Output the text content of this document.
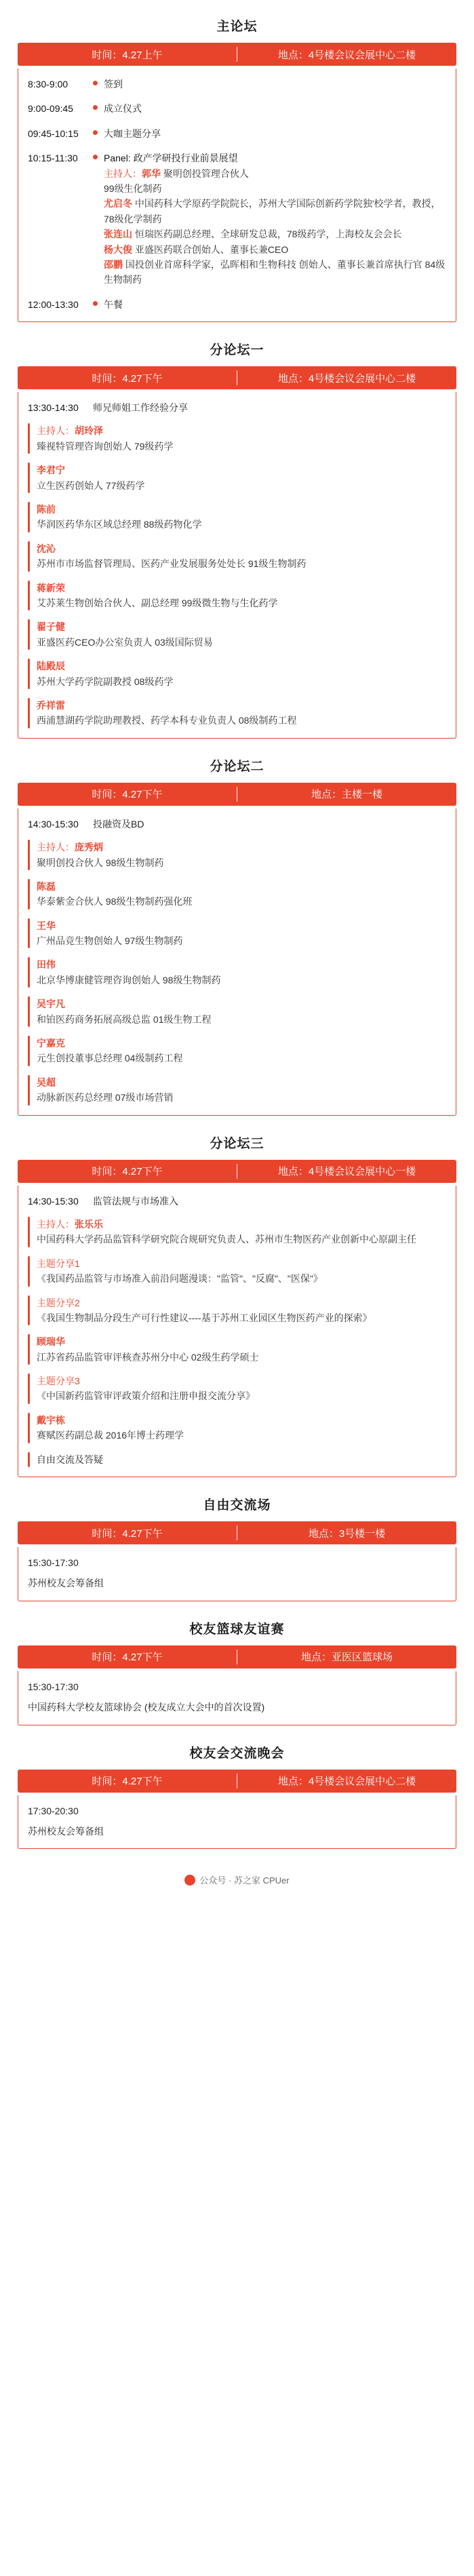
主论坛
时间：4.27上午	地点：4号楼会议会展中心二楼
8:30-9:00	签到
9:00-09:45	成立仪式
09:45-10:15	大咖主题分享
10:15-11:30	Panel: 政产学研投行业前景展望
主持人：郭华 聚明创投管理合伙人
99级生化制药
尤启冬 中国药科大学原药学院院长，苏州大学国际创新药学院独'校学者，教授，78级化学制药
张连山 恒瑞医药副总经理、全球研发总裁，78级药学，上海校友会会长
杨大俊 亚盛医药联合创始人、董事长兼CEO
邵鹏 国投创业首席科学家，弘晖相和生物科技 创始人、董事长兼首席执行官 84级生物制药
12:00-13:30	午餐
分论坛一
时间：4.27下午	地点：4号楼会议会展中心二楼
13:30-14:30	师兄师姐工作经验分享
主持人：胡玲泽
臻视特管理咨询创始人 79级药学
李君宁
立生医药创始人 77级药学
陈前
华润医药华东区域总经理 88级药物化学
沈沁
苏州市市场监督管理局、医药产业发展服务处处长 91级生物制药
蒋新荣
艾苏莱生物创始合伙人、副总经理 99级微生物与生化药学
翟子健
亚盛医药CEO办公室负责人 03级国际贸易
陆殿辰
苏州大学药学院副教授 08级药学
乔祥雷
西浦慧湖药学院助理教授、药学本科专业负责人 08级制药工程
分论坛二
时间：4.27下午	地点：主楼一楼
14:30-15:30	投融资及BD
主持人：庞秀炳
聚明创投合伙人 98级生物制药
陈磊
华泰紫金合伙人 98级生物制药强化班
王华
广州品竞生物创始人 97级生物制药
田伟
北京华博康健管理咨询创始人 98级生物制药
吴宇凡
和铂医药商务拓展高级总监 01级生物工程
宁嘉克
元生创投董事总经理 04级制药工程
吴超
动脉新医药总经理 07级市场营销
分论坛三
时间：4.27下午	地点：4号楼会议会展中心一楼
14:30-15:30	监管法规与市场准入
主持人：张乐乐
中国药科大学药品监管科学研究院合规研究负责人、苏州市生物医药产业创新中心原副主任
主题分享1
《我国药品监管与市场准入前沿问题漫谈："监管"、"反腐"、"医保"》
主题分享2
《我国生物制品分段生产可行性建议----基于苏州工业园区生物医药产业的探索》
顾瑞华
江苏省药品监管审评核查苏州分中心 02级生药学硕士
主题分享3
《中国新药监管审评政策介绍和注册申报交流分享》
戴宇栋
赛赋医药副总裁 2016年博士药理学
自由交流及答疑
自由交流场
时间：4.27下午	地点：3号楼一楼
15:30-17:30
苏州校友会筹备组
校友篮球友谊赛
时间：4.27下午	地点：亚医区篮球场
15:30-17:30
中国药科大学校友篮球协会 (校友成立大会中的首次设置)
校友会交流晚会
时间：4.27下午	地点：4号楼会议会展中心二楼
17:30-20:30
苏州校友会筹备组
公众号 · 苏之家 CPUer
